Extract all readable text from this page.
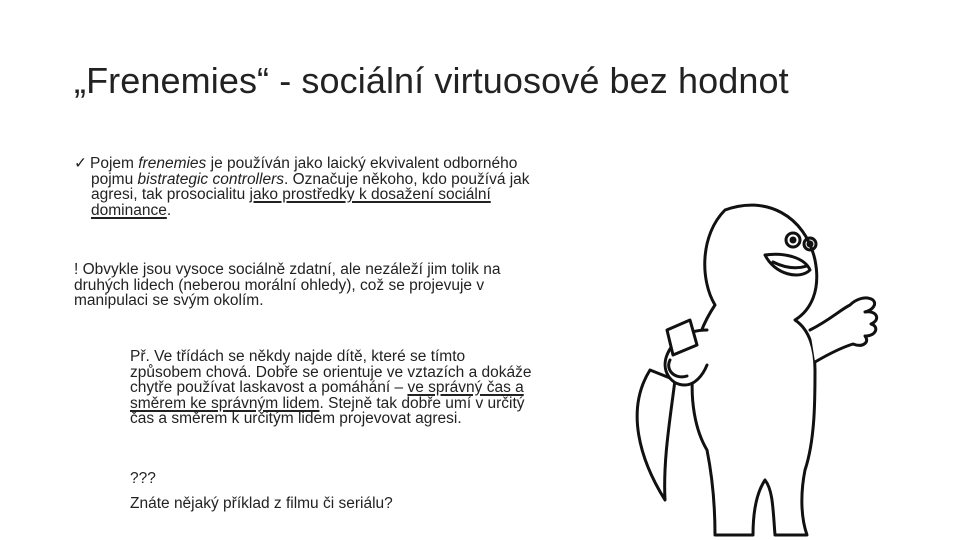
„Frenemies“ - sociální virtuosové bez hodnot
✓ Pojem frenemies je používán jako laický ekvivalent odborného
pojmu bistrategic controllers. Označuje někoho, kdo používá jak
agresi, tak prosocialitu jako prostředky k dosažení sociální
dominance.
! Obvykle jsou vysoce sociálně zdatní, ale nezáleží jim tolik na
druhých lidech (neberou morální ohledy), což se projevuje v
manipulaci se svým okolím.
Př. Ve třídách se někdy najde dítě, které se tímto
způsobem chová. Dobře se orientuje ve vztazích a dokáže
chytře používat laskavost a pomáhání – ve správný čas a
směrem ke správným lidem. Stejně tak dobře umí v určitý
čas a směrem k určitým lidem projevovat agresi.
???
Znáte nějaký příklad z filmu či seriálu?
